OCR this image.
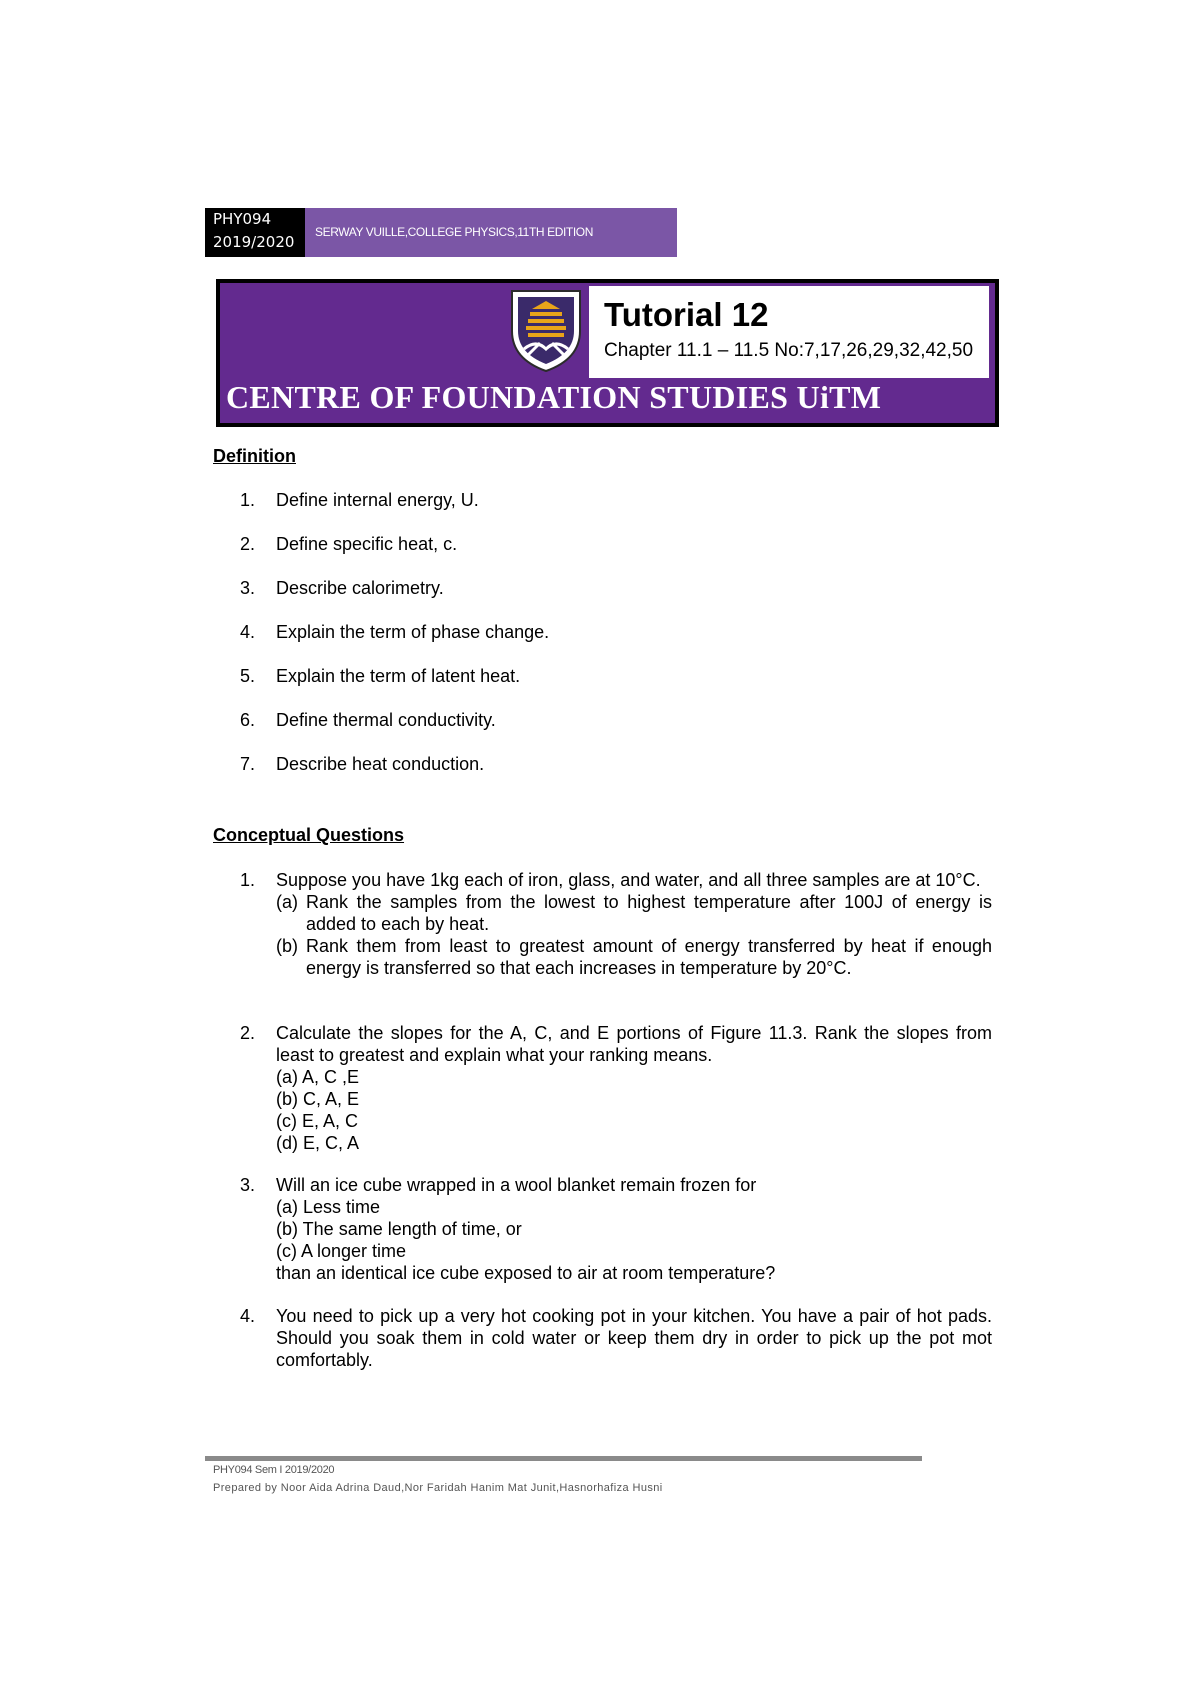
PHY094
2019/2020
SERWAY VUILLE,COLLEGE PHYSICS,11TH EDITION
Tutorial 12

Chapter 11.1 – 11.5 No:7,17,26,29,32,42,50

CENTRE OF FOUNDATION STUDIES UiTM
Definition
1. Define internal energy, U.
2. Define specific heat, c.
3. Describe calorimetry.
4. Explain the term of phase change.
5. Explain the term of latent heat.
6. Define thermal conductivity.
7. Describe heat conduction.
Conceptual Questions
1. Suppose you have 1kg each of iron, glass, and water, and all three samples are at 10°C.
(a) Rank the samples from the lowest to highest temperature after 100J of energy is added to each by heat.
(b) Rank them from least to greatest amount of energy transferred by heat if enough energy is transferred so that each increases in temperature by 20°C.
2. Calculate the slopes for the A, C, and E portions of Figure 11.3. Rank the slopes from least to greatest and explain what your ranking means.
(a) A, C ,E
(b) C, A, E
(c) E, A, C
(d) E, C, A
3. Will an ice cube wrapped in a wool blanket remain frozen for
(a) Less time
(b) The same length of time, or
(c) A longer time
than an identical ice cube exposed to air at room temperature?
4. You need to pick up a very hot cooking pot in your kitchen. You have a pair of hot pads. Should you soak them in cold water or keep them dry in order to pick up the pot mot comfortably.
PHY094 Sem I 2019/2020
Prepared by Noor Aida Adrina Daud,Nor Faridah Hanim Mat Junit,Hasnorhafiza Husni
